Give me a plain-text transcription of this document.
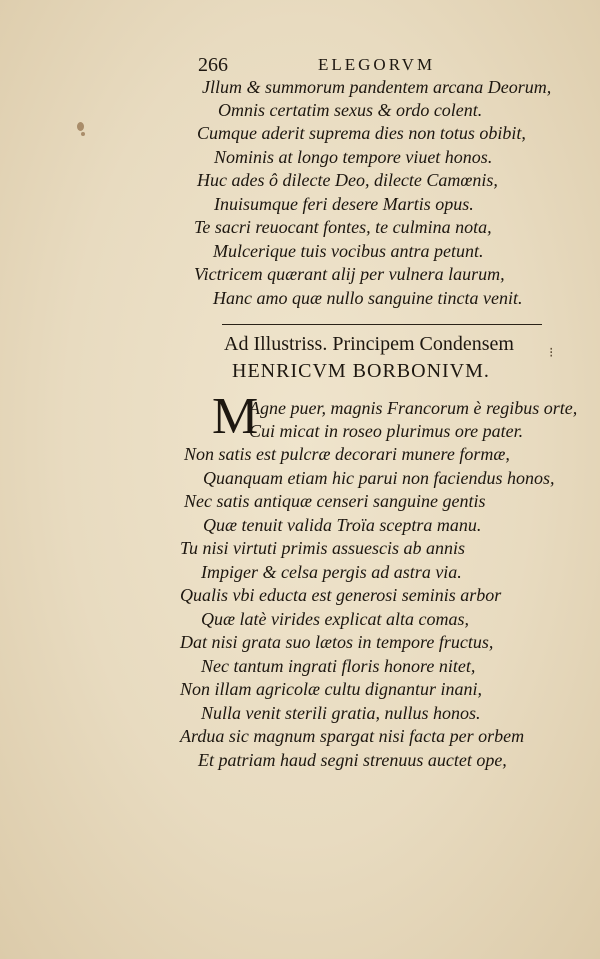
266	ELEGORVM
Jllum & summorum pandentem arcana Deorum,
Omnis certatim sexus & ordo colent.
Cumque aderit suprema dies non totus obibit,
Nominis at longo tempore viuet honos.
Huc ades ô dilecte Deo, dilecte Camœnis,
Inuisumque feri desere Martis opus.
Te sacri reuocant fontes, te culmina nota,
Mulcerique tuis vocibus antra petunt.
Victricem quærant alij per vulnera laurum,
Hanc amo quæ nullo sanguine tincta venit.
Ad Illustriss. Principem Condensem
HENRICVM BORBONIVM.
⁝
M
Agne puer, magnis Francorum è regibus orte,
Cui micat in roseo plurimus ore pater.
Non satis est pulcræ decorari munere formæ,
Quanquam etiam hic parui non faciendus honos,
Nec satis antiquæ censeri sanguine gentis
Quæ tenuit valida Troïa sceptra manu.
Tu nisi virtuti primis assuescis ab annis
Impiger & celsa pergis ad astra via.
Qualis vbi educta est generosi seminis arbor
Quæ latè virides explicat alta comas,
Dat nisi grata suo lætos in tempore fructus,
Nec tantum ingrati floris honore nitet,
Non illam agricolæ cultu dignantur inani,
Nulla venit sterili gratia, nullus honos.
Ardua sic magnum spargat nisi facta per orbem
Et patriam haud segni strenuus auctet ope,
